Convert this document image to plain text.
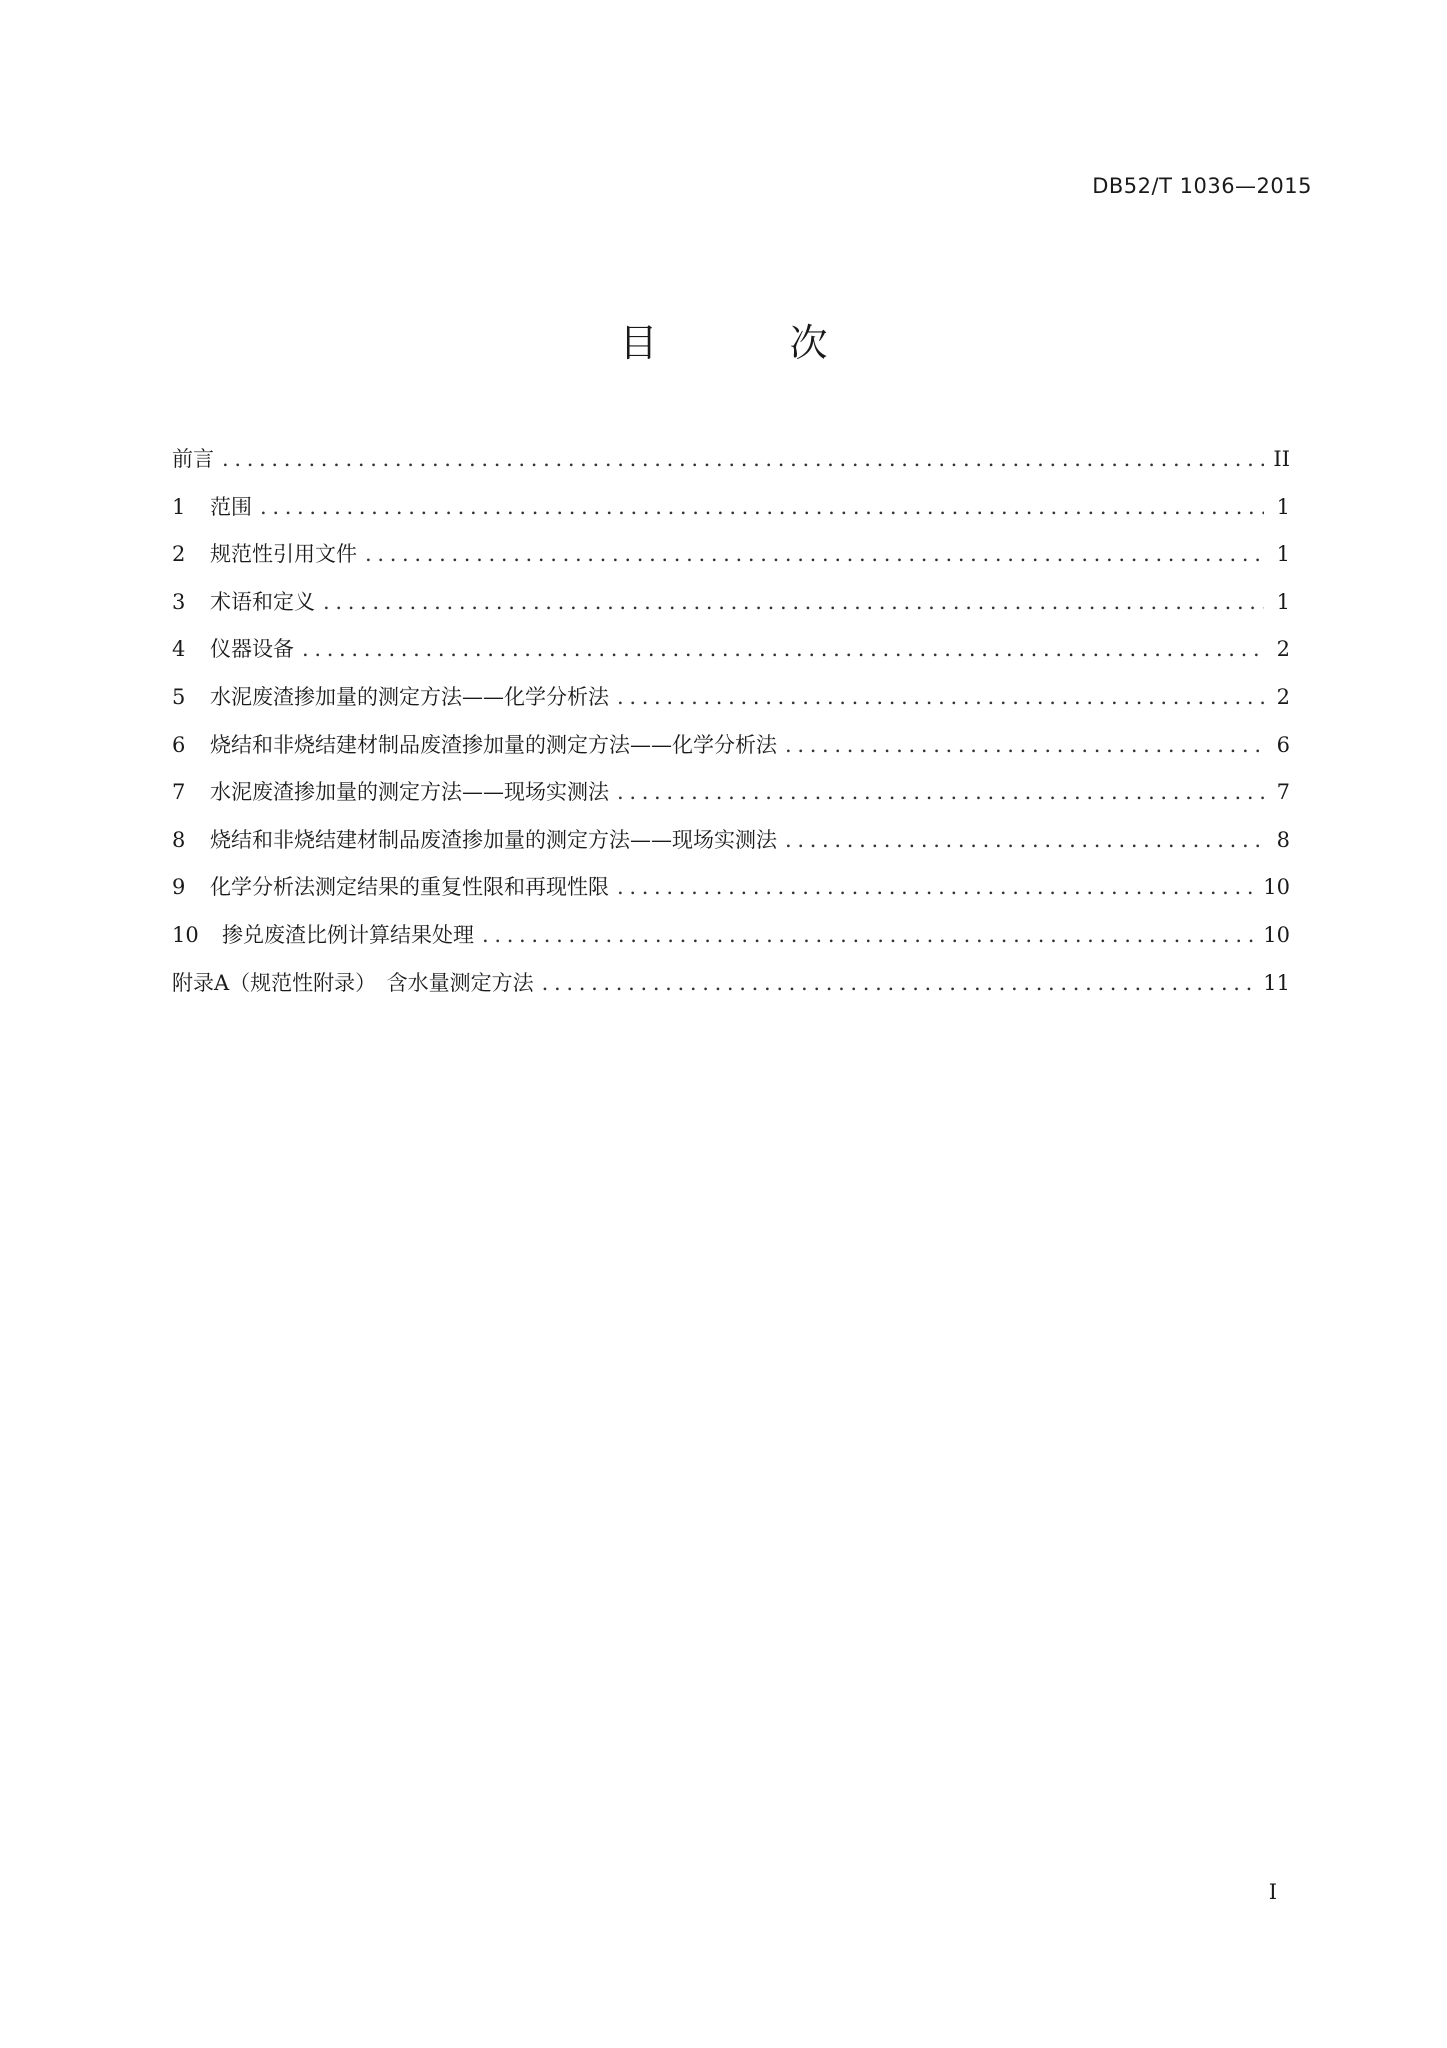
DB52/T 1036—2015
目 次
前言 . . .	II
1	范围 . . .	1
2	规范性引用文件 . . .	1
3	术语和定义 . . .	1
4	仪器设备 . . .	2
5	水泥废渣掺加量的测定方法——化学分析法 . . .	2
6	烧结和非烧结建材制品废渣掺加量的测定方法——化学分析法 . . .	6
7	水泥废渣掺加量的测定方法——现场实测法 . . .	7
8	烧结和非烧结建材制品废渣掺加量的测定方法——现场实测法 . . .	8
9	化学分析法测定结果的重复性限和再现性限 . . .	10
10	掺兑废渣比例计算结果处理 . . .	10
附录A（规范性附录）　含水量测定方法 . . .	11
I
